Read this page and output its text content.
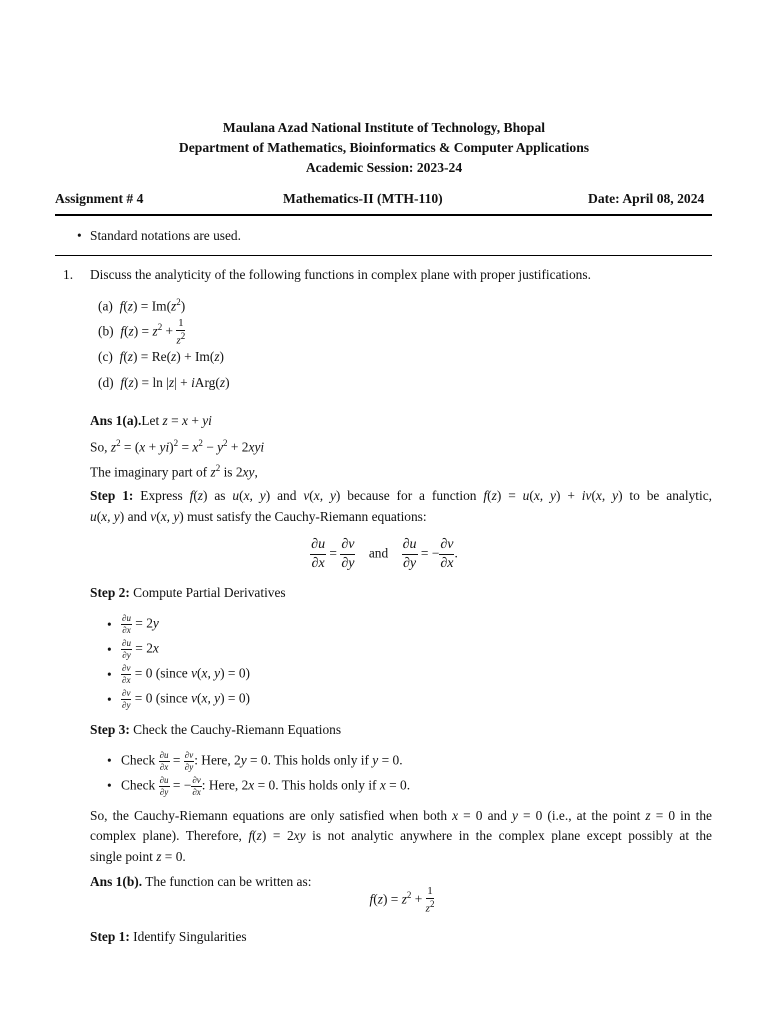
Maulana Azad National Institute of Technology, Bhopal
Department of Mathematics, Bioinformatics & Computer Applications
Academic Session: 2023-24
Assignment # 4	Mathematics-II (MTH-110)	Date: April 08, 2024
• Standard notations are used.
1. Discuss the analyticity of the following functions in complex plane with proper justifications.
(a) $f(z) = Im(z^2)$
(b) $f(z) = z^2 + \frac{1}{z^2}$
(c) f(z) = Re(z) + Im(z)
(d) f(z) = ln |z| + iArg(z)
Ans 1(a).Let z = x + yi
So, $z^2 = (x + yi)^2 = x^2 - y^2 + 2xyi$
The imaginary part of $z^2$ is 2xy,
Step 1: Express f(z) as u(x, y) and v(x, y) because for a function f(z) = u(x, y) + iv(x, y) to be analytic,
u(x, y) and v(x, y) must satisfy the Cauchy-Riemann equations:
$\frac{\partial u}{\partial x} = \frac{\partial v}{\partial y}$ and $\frac{\partial u}{\partial y}$ = − $\frac{\partial v}{\partial x}$ .
Step 2: Compute Partial Derivatives
• $\frac{\partial u}{\partial x} = 2y$
• $\frac{\partial u}{\partial y} = 2x$
• $\frac{\partial v}{\partial x} = 0$ (since v(x, y) = 0)
• $\frac{\partial v}{\partial y} = 0$ (since v(x, y) = 0)
Step 3: Check the Cauchy-Riemann Equations
• Check $\frac{\partial u}{\partial x} = \frac{\partial v}{\partial y}$ : Here, 2y = 0. This holds only if y = 0.
• Check $\frac{\partial u}{\partial y}$ = − $\frac{\partial v}{\partial x}$ : Here, 2x = 0. This holds only if x = 0.
So, the Cauchy-Riemann equations are only satisfied when both x = 0 and y = 0 (i.e., at the point z = 0 in the
complex plane). Therefore, f(z) = 2xy is not analytic anywhere in the complex plane except possibly at the
single point z = 0.
Ans 1(b). The function can be written as:
$f(z) = z^2 + \frac{1}{z^2}$
Step 1: Identify Singularities
